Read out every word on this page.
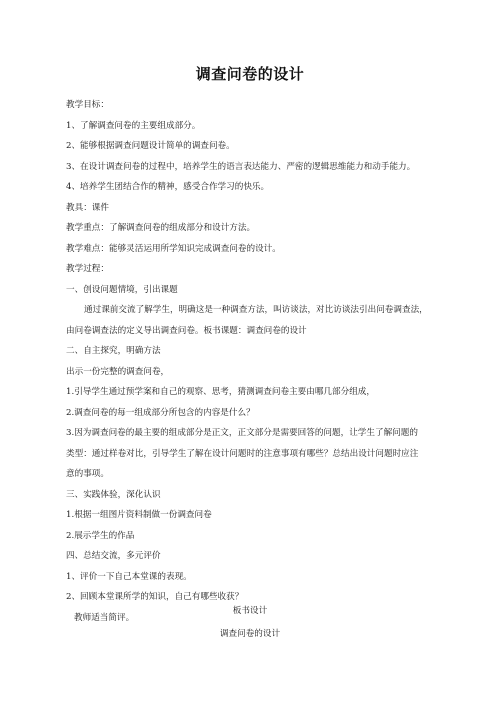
调查问卷的设计
教学目标：
1、了解调查问卷的主要组成部分。
2、能够根据调查问题设计简单的调查问卷。
3、在设计调查问卷的过程中，培养学生的语言表达能力、严密的逻辑思维能力和动手能力。
4、培养学生团结合作的精神，感受合作学习的快乐。
教具：课件
教学重点：了解调查问卷的组成部分和设计方法。
教学难点：能够灵活运用所学知识完成调查问卷的设计。
教学过程：
一、创设问题情境，引出课题
通过课前交流了解学生，明确这是一种调查方法，叫访谈法，对比访谈法引出问卷调查法，
由问卷调查法的定义导出调查问卷。板书课题：调查问卷的设计
二、自主探究，明确方法
出示一份完整的调查问卷，
1.引导学生通过预学案和自己的观察、思考，猜测调查问卷主要由哪几部分组成，
2.调查问卷的每一组成部分所包含的内容是什么？
3.因为调查问卷的最主要的组成部分是正文，正文部分是需要回答的问题，让学生了解问题的
类型：通过样卷对比，引导学生了解在设计问题时的注意事项有哪些？总结出设计问题时应注
意的事项。
三、实践体验，深化认识
1.根据一组图片资料制做一份调查问卷
2.展示学生的作品
四、总结交流，多元评价
1、评价一下自己本堂课的表现。
2、回顾本堂课所学的知识，自己有哪些收获？
教师适当简评。
板书设计
调查问卷的设计
